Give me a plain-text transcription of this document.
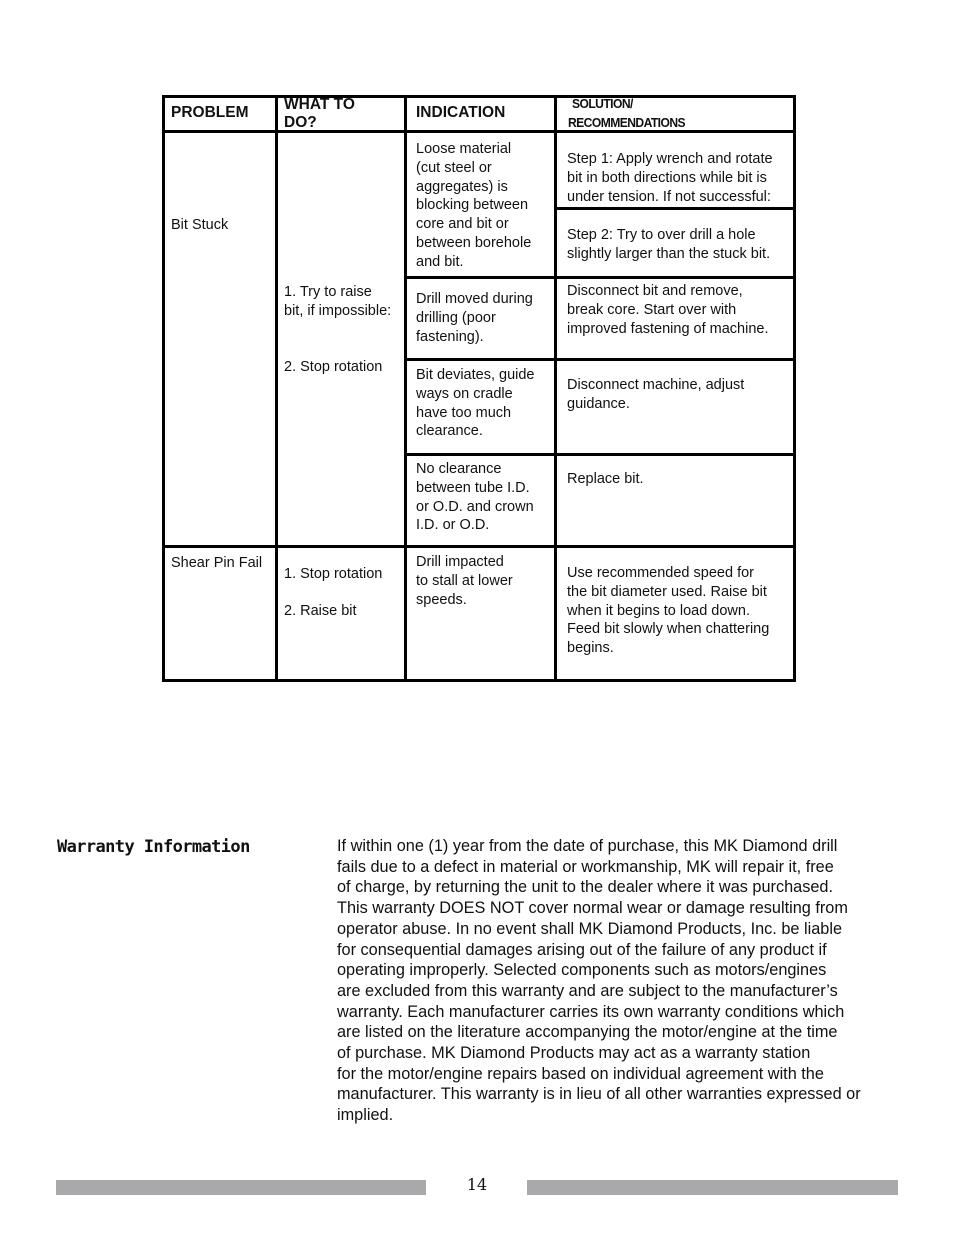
PROBLEM WHAT TO
DO?
INDICATION
SOLUTION/
RECOMMENDATIONS
Bit Stuck
1. Try to raise
bit, if impossible:
2. Stop rotation
Loose material
(cut steel or
aggregates) is
blocking between
core and bit or
between borehole
and bit.
Step 1: Apply wrench and rotate
bit in both directions while bit is
under tension. If not successful:
Step 2: Try to over drill a hole
slightly larger than the stuck bit.
Drill moved during
drilling (poor
fastening).
Disconnect bit and remove,
break core. Start over with
improved fastening of machine.
Bit deviates, guide
ways on cradle
have too much
clearance.
Disconnect machine, adjust
guidance.
No clearance
between tube I.D.
or O.D. and crown
I.D. or O.D.
Replace bit.
Shear Pin Fail
1. Stop rotation
2. Raise bit
Drill impacted
to stall at lower
speeds.
Use recommended speed for
the bit diameter used. Raise bit
when it begins to load down.
Feed bit slowly when chattering
begins.
Warranty Information	If within one (1) year from the date of purchase, this MK Diamond drill
fails due to a defect in material or workmanship, MK will repair it, free
of charge, by returning the unit to the dealer where it was purchased.
This warranty DOES NOT cover normal wear or damage resulting from
operator abuse. In no event shall MK Diamond Products, Inc. be liable
for consequential damages arising out of the failure of any product if
operating improperly. Selected components such as motors/engines
are excluded from this warranty and are subject to the manufacturer’s
warranty. Each manufacturer carries its own warranty conditions which
are listed on the literature accompanying the motor/engine at the time
of purchase. MK Diamond Products may act as a warranty station
for the motor/engine repairs based on individual agreement with the
manufacturer. This warranty is in lieu of all other warranties expressed or
implied.
14
